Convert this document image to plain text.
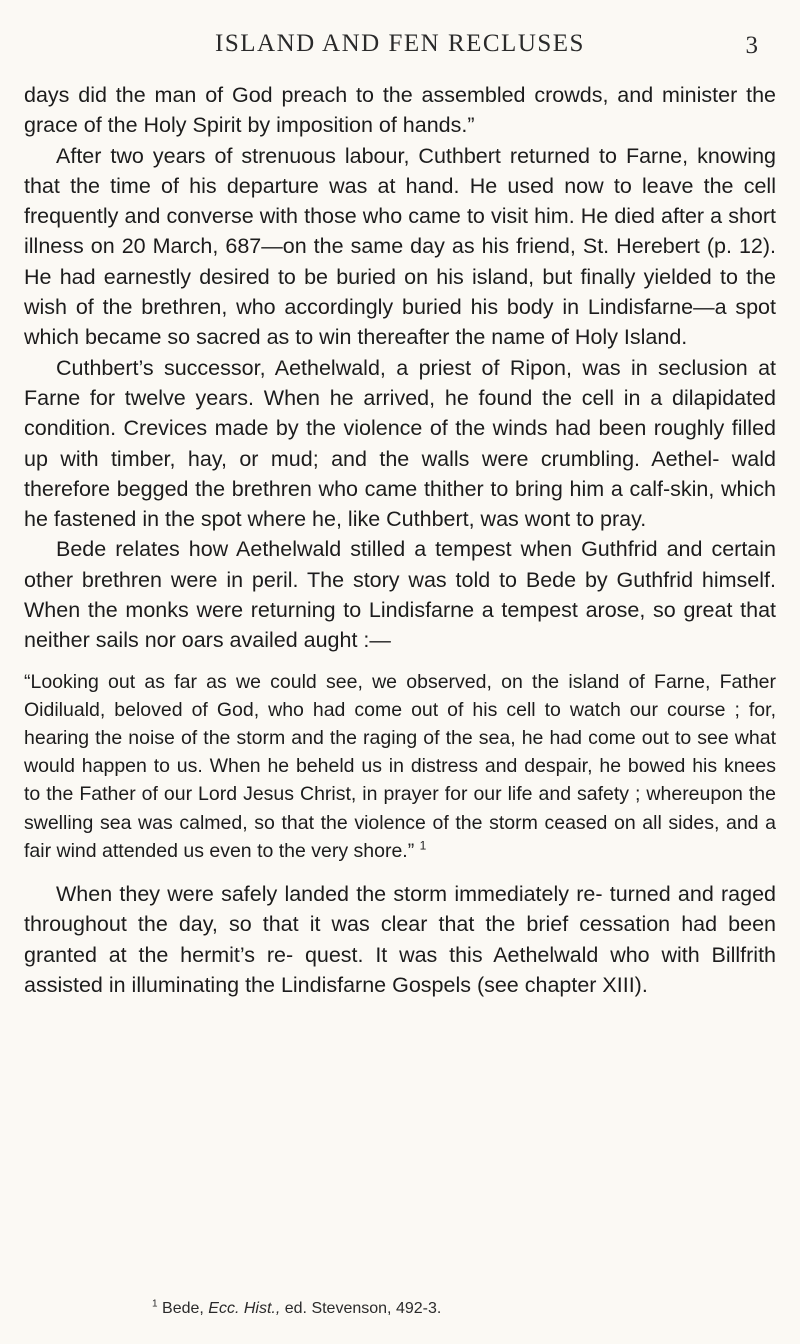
ISLAND AND FEN RECLUSES	3

days did the man of God preach to the assembled crowds, and minister the grace of the Holy Spirit by imposition of hands.”

After two years of strenuous labour, Cuthbert returned to Farne, knowing that the time of his departure was at hand. He used now to leave the cell frequently and converse with those who came to visit him. He died after a short illness on 20 March, 687—on the same day as his friend, St. Herebert (p. 12). He had earnestly desired to be buried on his island, but finally yielded to the wish of the brethren, who accordingly buried his body in Lindisfarne—a spot which became so sacred as to win thereafter the name of Holy Island.

Cuthbert’s successor, Aethelwald, a priest of Ripon, was in seclusion at Farne for twelve years. When he arrived, he found the cell in a dilapidated condition. Crevices made by the violence of the winds had been roughly filled up with timber, hay, or mud; and the walls were crumbling. Aethel- wald therefore begged the brethren who came thither to bring him a calf-skin, which he fastened in the spot where he, like Cuthbert, was wont to pray.

Bede relates how Aethelwald stilled a tempest when Guthfrid and certain other brethren were in peril. The story was told to Bede by Guthfrid himself. When the monks were returning to Lindisfarne a tempest arose, so great that neither sails nor oars availed aught :—

“Looking out as far as we could see, we observed, on the island of Farne, Father Oidiluald, beloved of God, who had come out of his cell to watch our course ; for, hearing the noise of the storm and the raging of the sea, he had come out to see what would happen to us. When he beheld us in distress and despair, he bowed his knees to the Father of our Lord Jesus Christ, in prayer for our life and safety ; whereupon the swelling sea was calmed, so that the violence of the storm ceased on all sides, and a fair wind attended us even to the very shore.” $^1$

When they were safely landed the storm immediately re- turned and raged throughout the day, so that it was clear that the brief cessation had been granted at the hermit’s re- quest. It was this Aethelwald who with Billfrith assisted in illuminating the Lindisfarne Gospels (see chapter XIII).

$^1$ Bede, Ecc. Hist., ed. Stevenson, 492-3.
